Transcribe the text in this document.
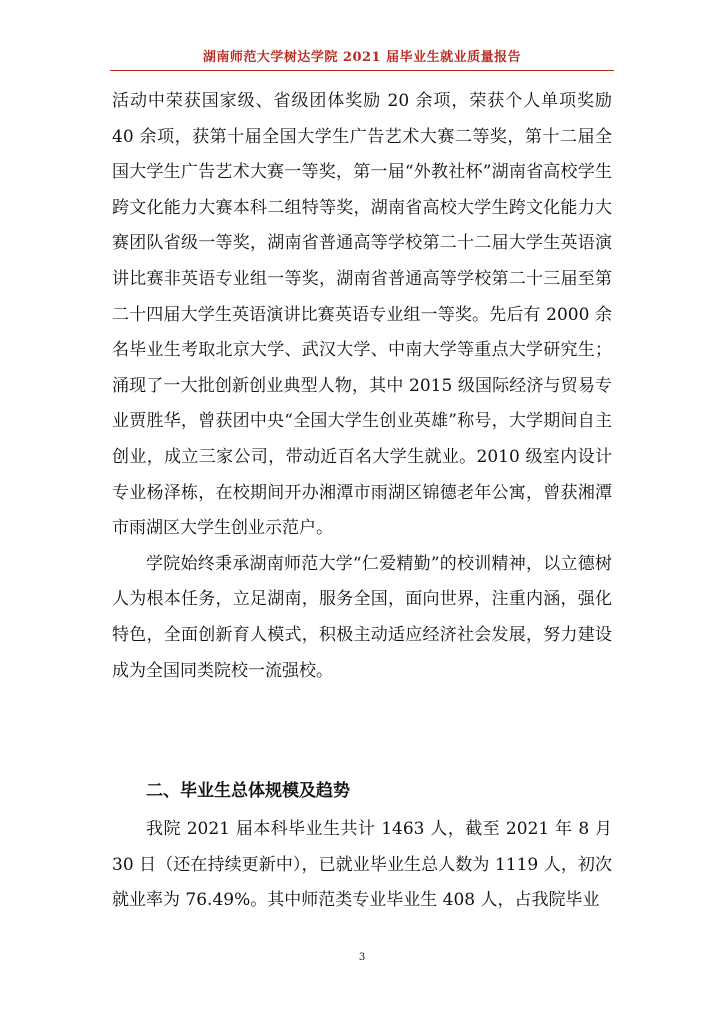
湖南师范大学树达学院 2021 届毕业生就业质量报告

活动中荣获国家级、省级团体奖励 20 余项，荣获个人单项奖励 40 余项，获第十届全国大学生广告艺术大赛二等奖，第十二届全国大学生广告艺术大赛一等奖，第一届“外教社杯”湖南省高校学生跨文化能力大赛本科二组特等奖，湖南省高校大学生跨文化能力大赛团队省级一等奖，湖南省普通高等学校第二十二届大学生英语演讲比赛非英语专业组一等奖，湖南省普通高等学校第二十三届至第二十四届大学生英语演讲比赛英语专业组一等奖。先后有 2000 余名毕业生考取北京大学、武汉大学、中南大学等重点大学研究生；涌现了一大批创新创业典型人物，其中 2015 级国际经济与贸易专业贾胜华，曾获团中央“全国大学生创业英雄”称号，大学期间自主创业，成立三家公司，带动近百名大学生就业。2010 级室内设计专业杨泽栋，在校期间开办湘潭市雨湖区锦德老年公寓，曾获湘潭市雨湖区大学生创业示范户。

学院始终秉承湖南师范大学“仁爱精勤”的校训精神，以立德树人为根本任务，立足湖南，服务全国，面向世界，注重内涵，强化特色，全面创新育人模式，积极主动适应经济社会发展，努力建设成为全国同类院校一流强校。

二、毕业生总体规模及趋势

我院 2021 届本科毕业生共计 1463 人，截至 2021 年 8 月 30 日（还在持续更新中），已就业毕业生总人数为 1119 人，初次就业率为 76.49%。其中师范类专业毕业生 408 人，占我院毕业

3
